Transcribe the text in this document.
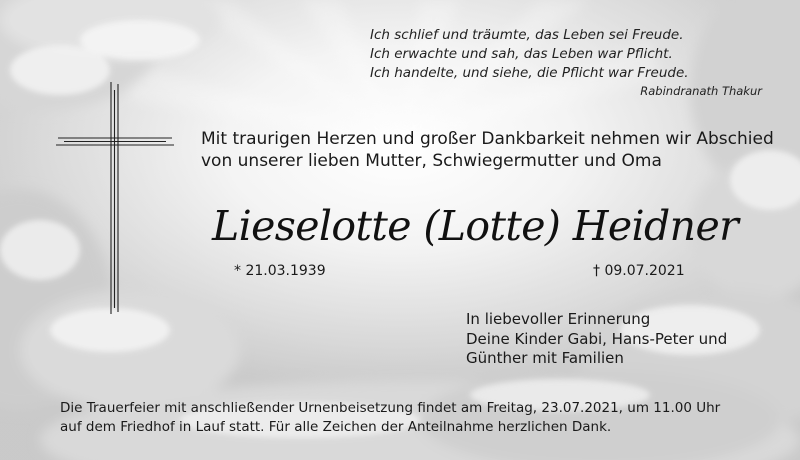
Ich schlief und träumte, das Leben sei Freude.
Ich erwachte und sah, das Leben war Pflicht.
Ich handelte, und siehe, die Pflicht war Freude.
Rabindranath Thakur
Mit traurigen Herzen und großer Dankbarkeit nehmen wir Abschied
von unserer lieben Mutter, Schwiegermutter und Oma
Lieselotte (Lotte) Heidner
* 21.03.1939	† 09.07.2021
In liebevoller Erinnerung
Deine Kinder Gabi, Hans-Peter und
Günther mit Familien
Die Trauerfeier mit anschließender Urnenbeisetzung findet am Freitag, 23.07.2021, um 11.00 Uhr
auf dem Friedhof in Lauf statt. Für alle Zeichen der Anteilnahme herzlichen Dank.
